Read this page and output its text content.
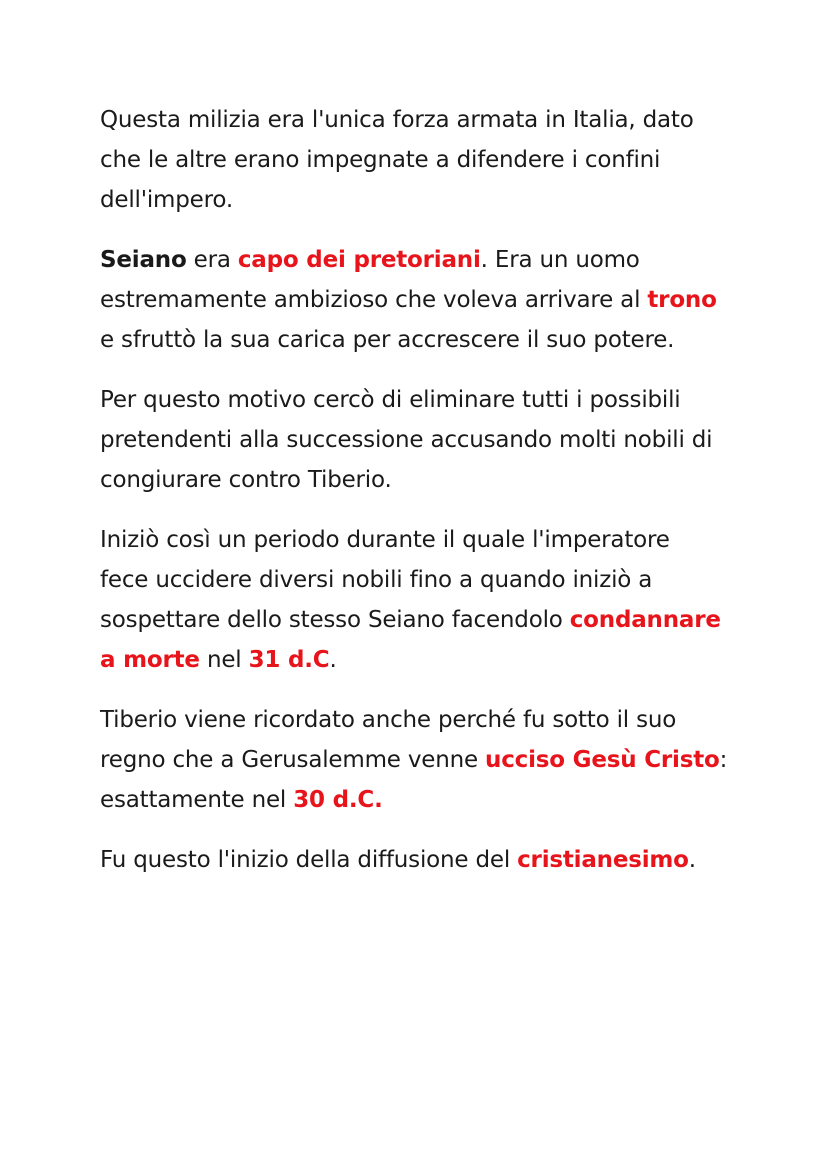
Questa milizia era l'unica forza armata in Italia, dato
che le altre erano impegnate a difendere i confini
dell'impero.

Seiano era capo dei pretoriani. Era un uomo
estremamente ambizioso che voleva arrivare al trono
e sfruttò la sua carica per accrescere il suo potere.

Per questo motivo cercò di eliminare tutti i possibili
pretendenti alla successione accusando molti nobili di
congiurare contro Tiberio.

Iniziò così un periodo durante il quale l'imperatore
fece uccidere diversi nobili fino a quando iniziò a
sospettare dello stesso Seiano facendolo condannare
a morte nel 31 d.C.

Tiberio viene ricordato anche perché fu sotto il suo
regno che a Gerusalemme venne ucciso Gesù Cristo:
esattamente nel 30 d.C.

Fu questo l'inizio della diffusione del cristianesimo.
